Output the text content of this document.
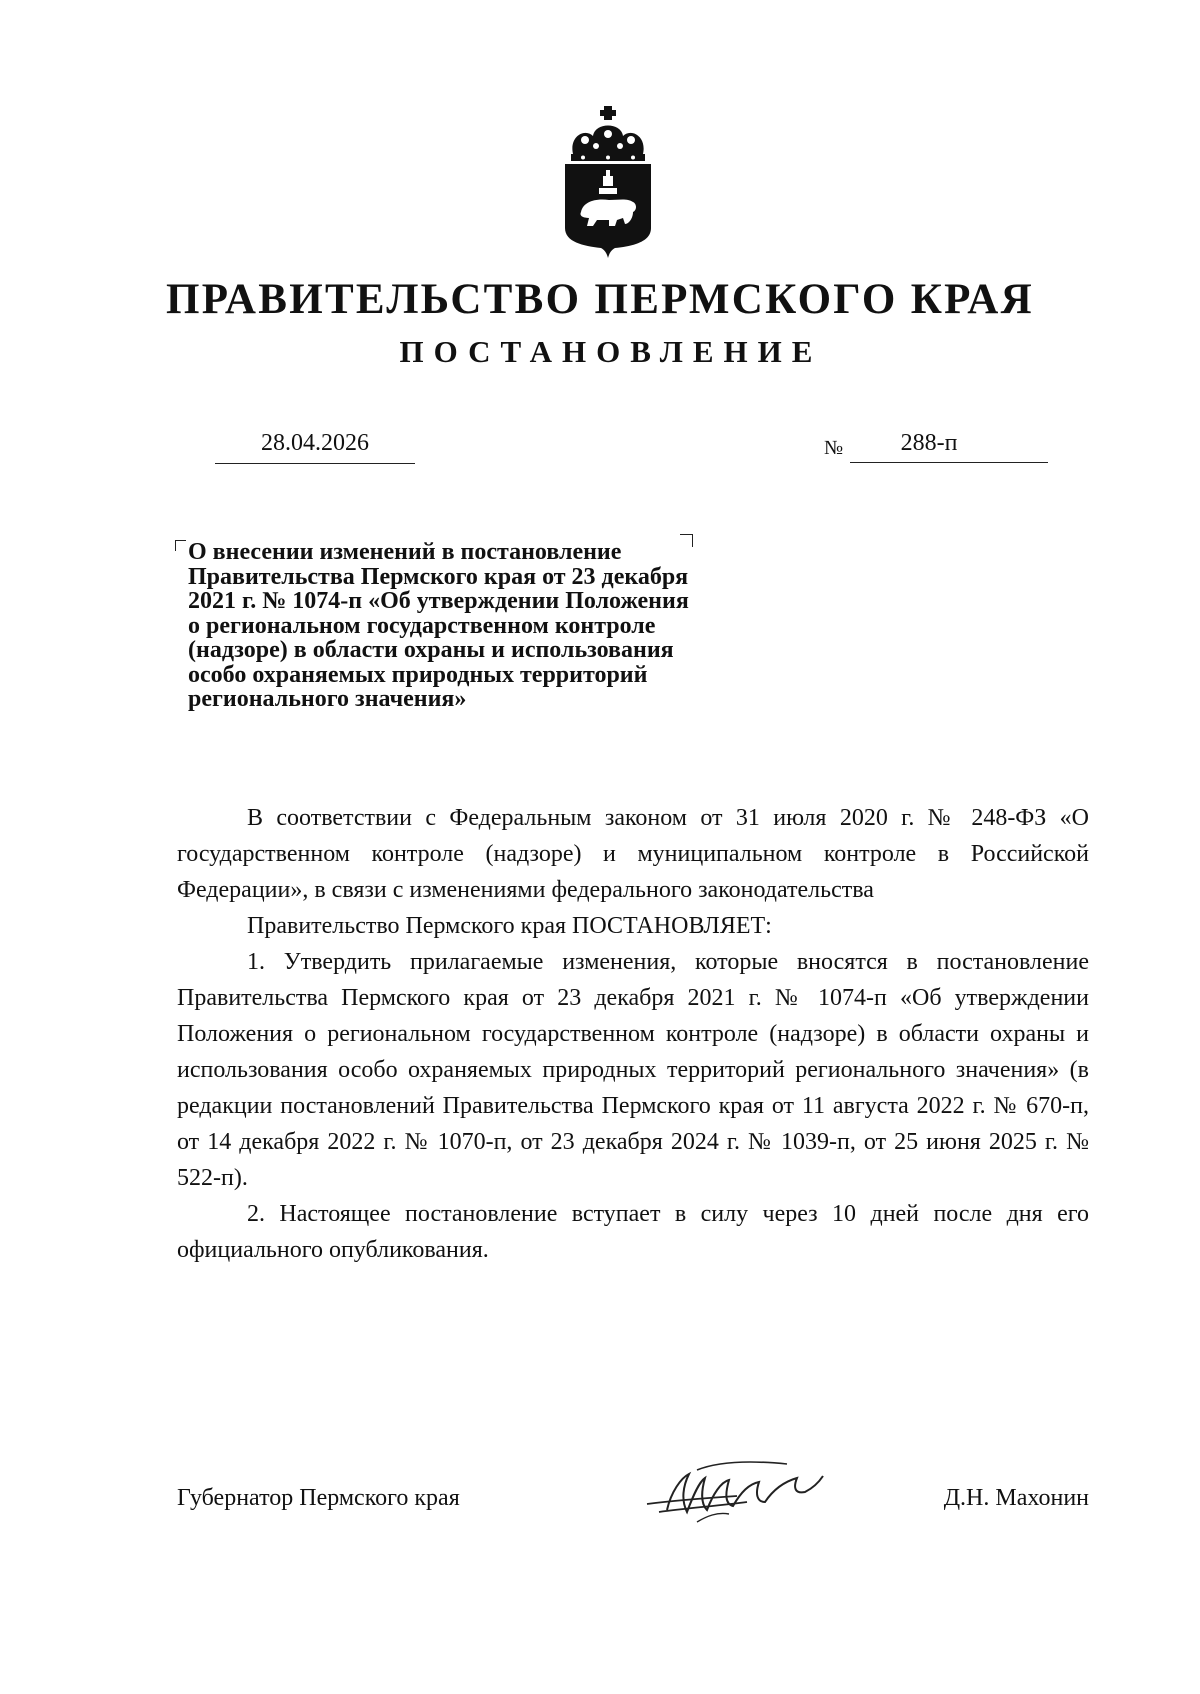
ПРАВИТЕЛЬСТВО ПЕРМСКОГО КРАЯ
ПОСТАНОВЛЕНИЕ
28.04.2026	№	288-п
О внесении изменений в постановление
Правительства Пермского края от 23 декабря
2021 г. № 1074-п «Об утверждении Положения
о региональном государственном контроле
(надзоре) в области охраны и использования
особо охраняемых природных территорий
регионального значения»

В соответствии с Федеральным законом от 31 июля 2020 г. № 248-ФЗ «О государственном контроле (надзоре) и муниципальном контроле в Российской Федерации», в связи с изменениями федерального законодательства

Правительство Пермского края ПОСТАНОВЛЯЕТ:

1. Утвердить прилагаемые изменения, которые вносятся в постановление Правительства Пермского края от 23 декабря 2021 г. № 1074-п «Об утверждении Положения о региональном государственном контроле (надзоре) в области охраны и использования особо охраняемых природных территорий регионального значения» (в редакции постановлений Правительства Пермского края от 11 августа 2022 г. № 670-п, от 14 декабря 2022 г. № 1070-п, от 23 декабря 2024 г. № 1039-п, от 25 июня 2025 г. № 522-п).

2. Настоящее постановление вступает в силу через 10 дней после дня его официального опубликования.

Губернатор Пермского края	Д.Н. Махонин
